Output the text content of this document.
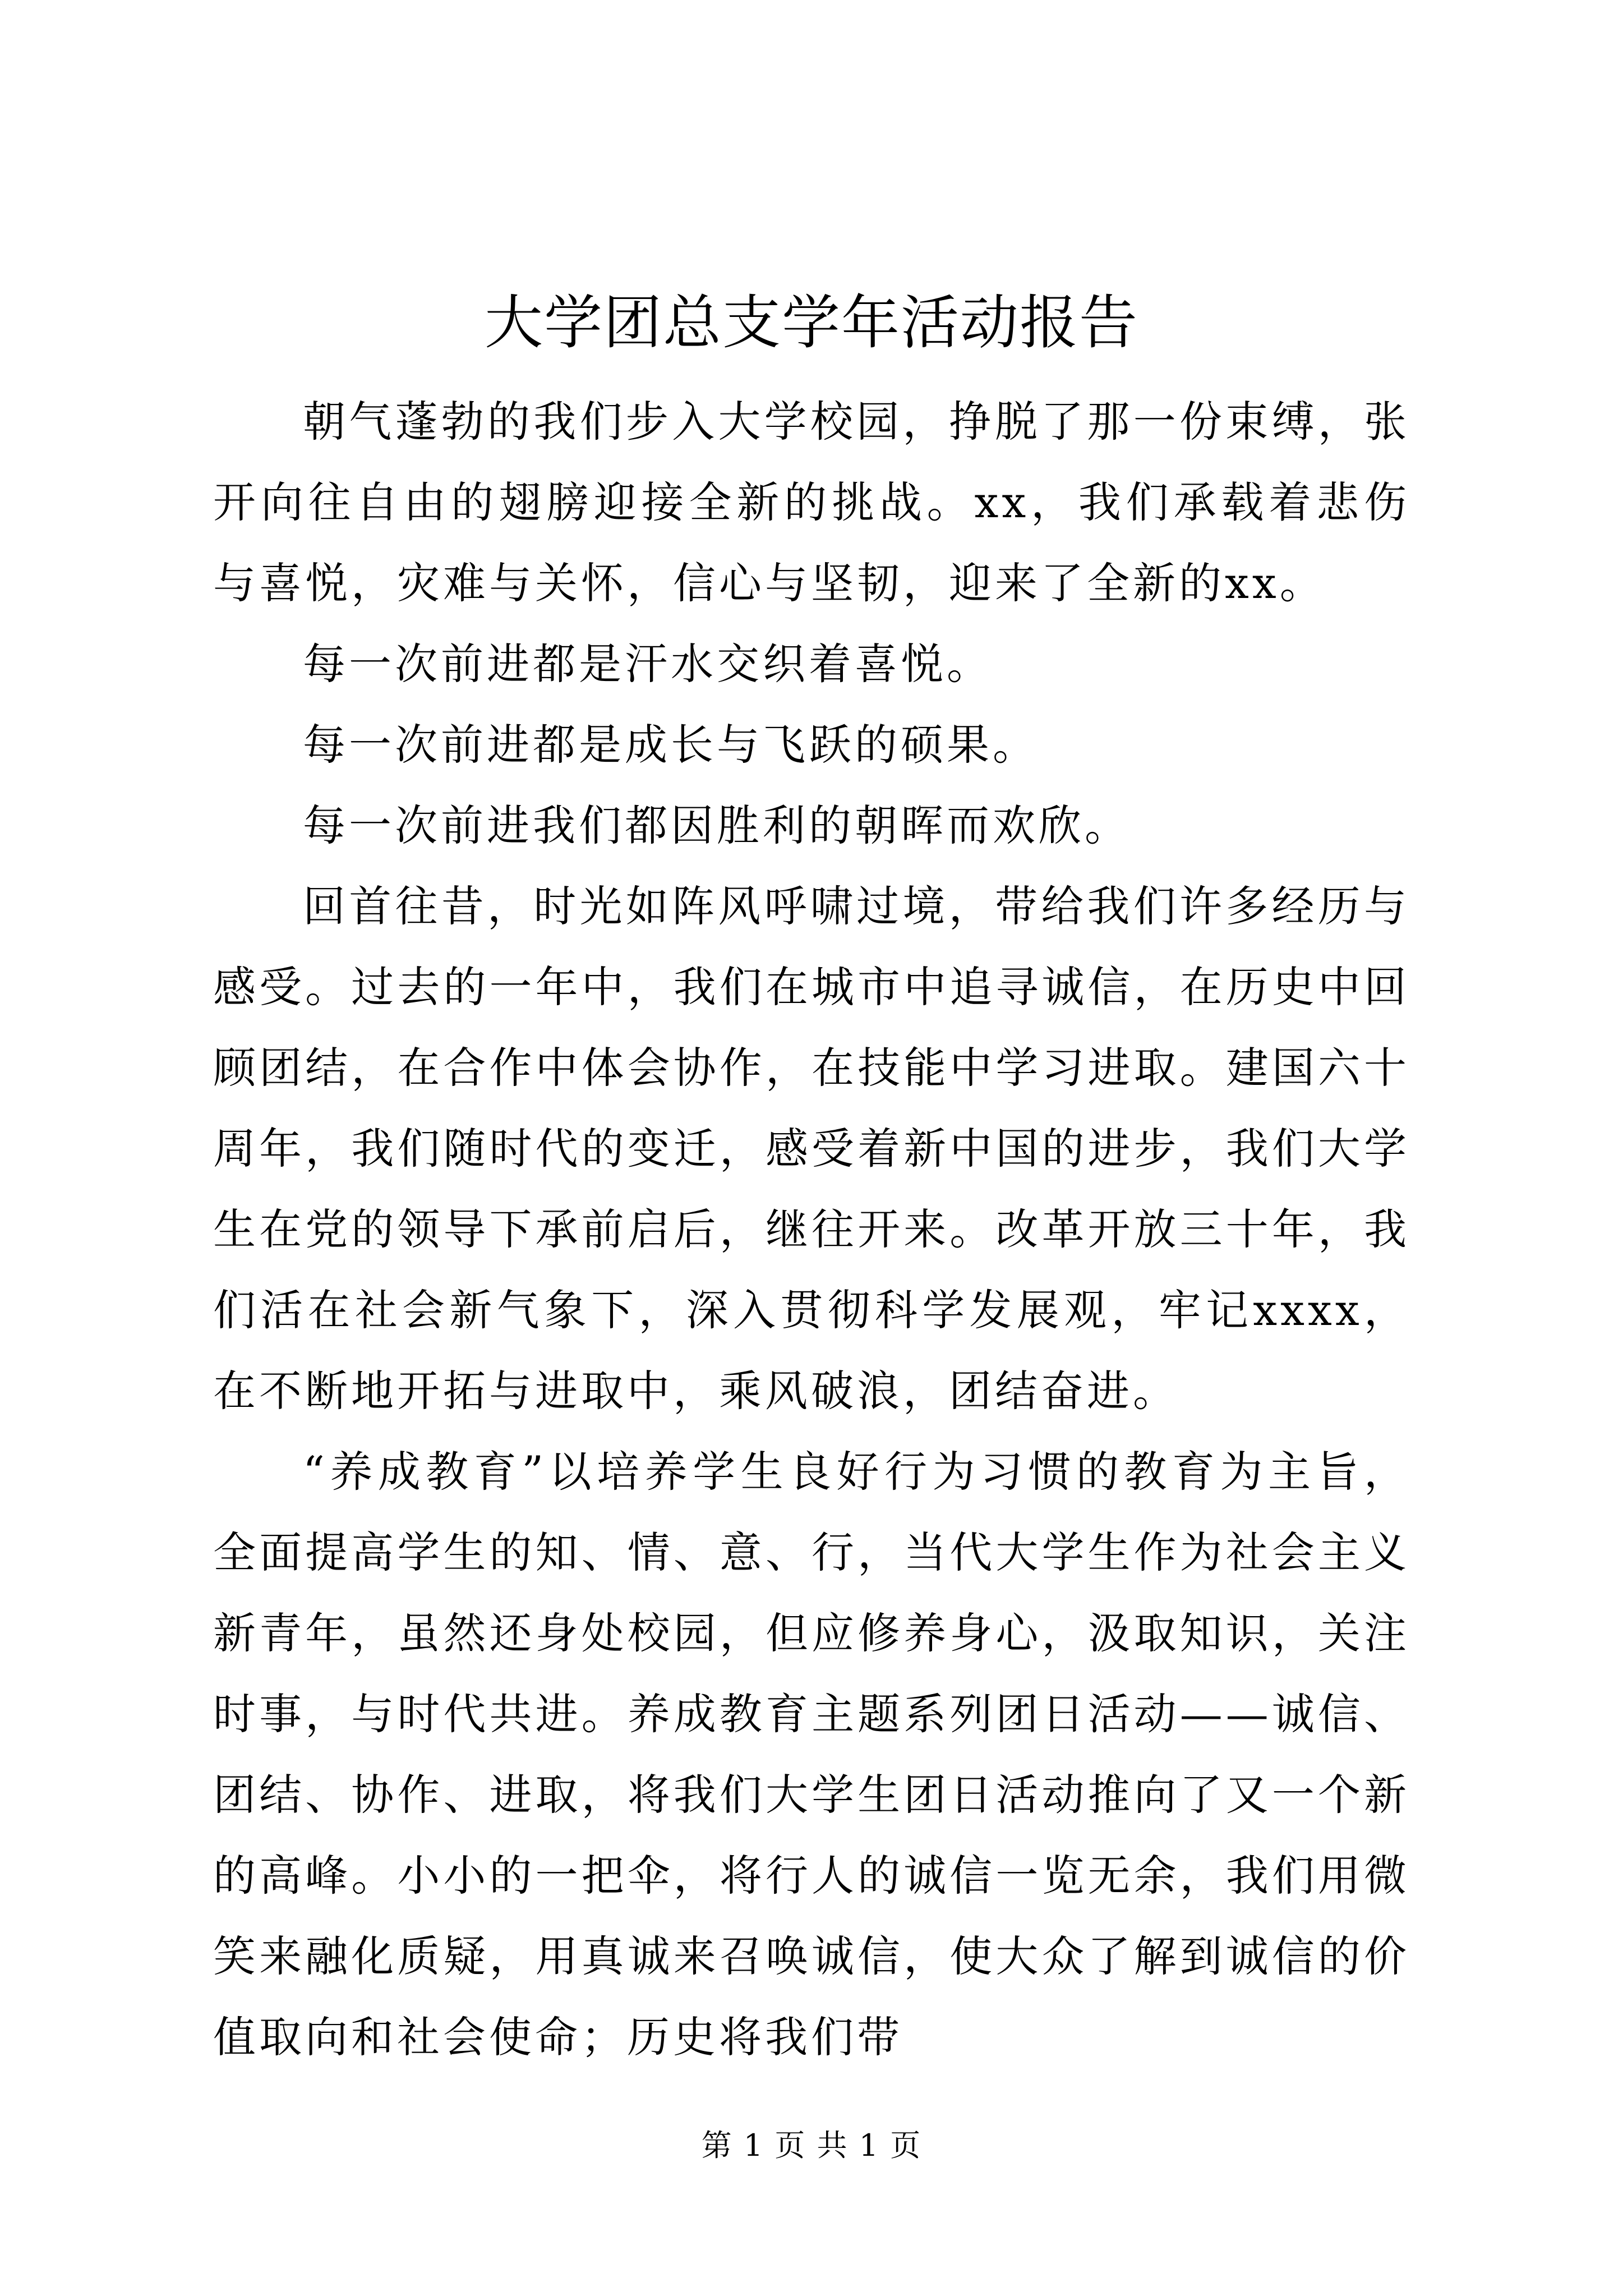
大学团总支学年活动报告

朝气蓬勃的我们步入大学校园，挣脱了那一份束缚，张开向往自由的翅膀迎接全新的挑战。xx，我们承载着悲伤与喜悦，灾难与关怀，信心与坚韧，迎来了全新的xx。

每一次前进都是汗水交织着喜悦。

每一次前进都是成长与飞跃的硕果。

每一次前进我们都因胜利的朝晖而欢欣。

回首往昔，时光如阵风呼啸过境，带给我们许多经历与感受。过去的一年中，我们在城市中追寻诚信，在历史中回顾团结，在合作中体会协作，在技能中学习进取。建国六十周年，我们随时代的变迁，感受着新中国的进步，我们大学生在党的领导下承前启后，继往开来。改革开放三十年，我们活在社会新气象下，深入贯彻科学发展观，牢记xxxx，在不断地开拓与进取中，乘风破浪，团结奋进。

“养成教育”以培养学生良好行为习惯的教育为主旨，全面提高学生的知、情、意、行，当代大学生作为社会主义新青年，虽然还身处校园，但应修养身心，汲取知识，关注时事，与时代共进。养成教育主题系列团日活动——诚信、团结、协作、进取，将我们大学生团日活动推向了又一个新的高峰。小小的一把伞，将行人的诚信一览无余，我们用微笑来融化质疑，用真诚来召唤诚信，使大众了解到诚信的价值取向和社会使命；历史将我们带

第 1 页 共 1 页
